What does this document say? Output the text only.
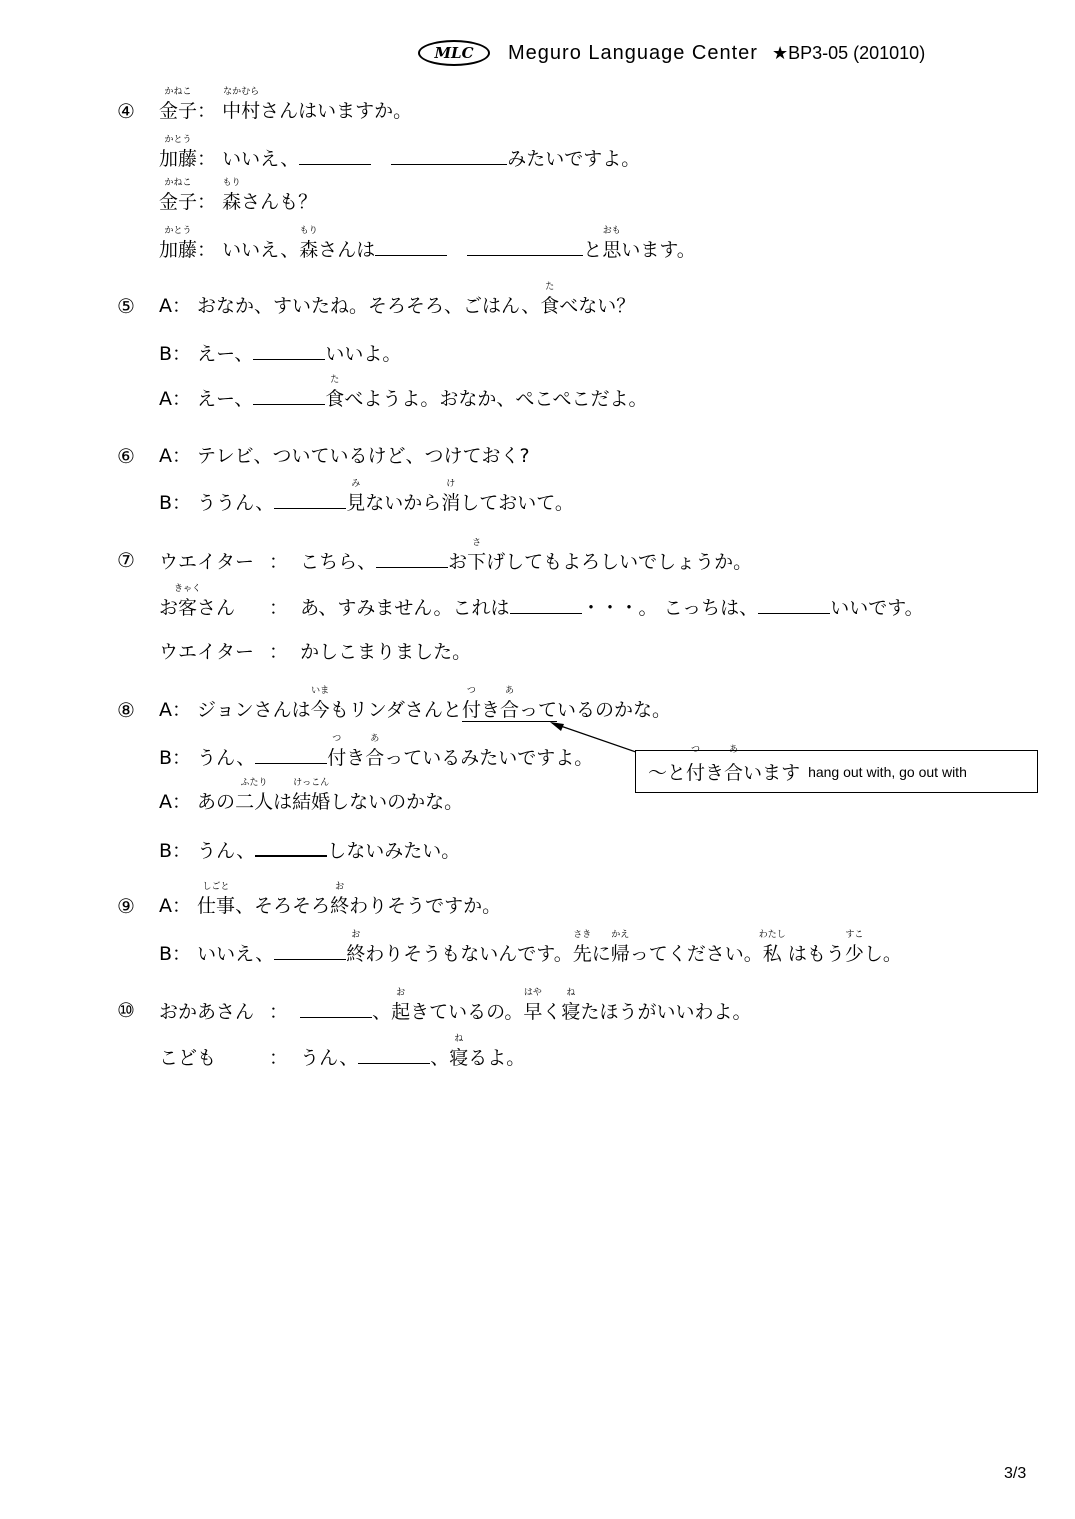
MLC	Meguro Language Center ★BP3-05 (201010)
④ 金子
かねこ
： 中村
なかむら
さんはいますか。
加藤
かとう
： いいえ、	みたいですよ。
金子
かねこ
： 森
もり
さんも？
加藤
かとう
： いいえ、森
もり
さんは	と思
おも
います。
⑤ A： おなか、すいたね。そろそろ、ごはん、食
た
べない？
B： えー、	いいよ。
A： えー、	食
た
べようよ。おなか、ぺこぺこだよ。
⑥ A： テレビ、ついているけど、つけておく?
B： ううん、	見
み
ないから消
け
しておいて。
⑦ ウエイター ： こちら、	お下
さ
げしてもよろしいでしょうか。
お客
きゃく
さん ： あ、すみません。これは	・・・。 こっちは、	いいです。
ウエイター ： かしこまりました。
⑧ A： ジョンさんは今
いま
もリンダさんと付
つ
き合
あ
っているのかな。
B： うん、	付
つ
き合
あ
っているみたいですよ。
A： あの二人
ふたり
は結婚
けっこん
しないのかな。
B： うん、	しないみたい。
～と付
つ
き合
あ
います hang out with, go out with
⑨ A： 仕事
しごと
、そろそろ終
お
わりそうですか。
B： いいえ、	終
お
わりそうもないんです。先
さき
に帰
かえ
ってください。私
わたし
はもう少
すこ
し。
⑩ おかあさん ：	、起
お
きているの。早
はや
く寝
ね
たほうがいいわよ。
こども	： うん、	、寝
ね
るよ。
3/3
